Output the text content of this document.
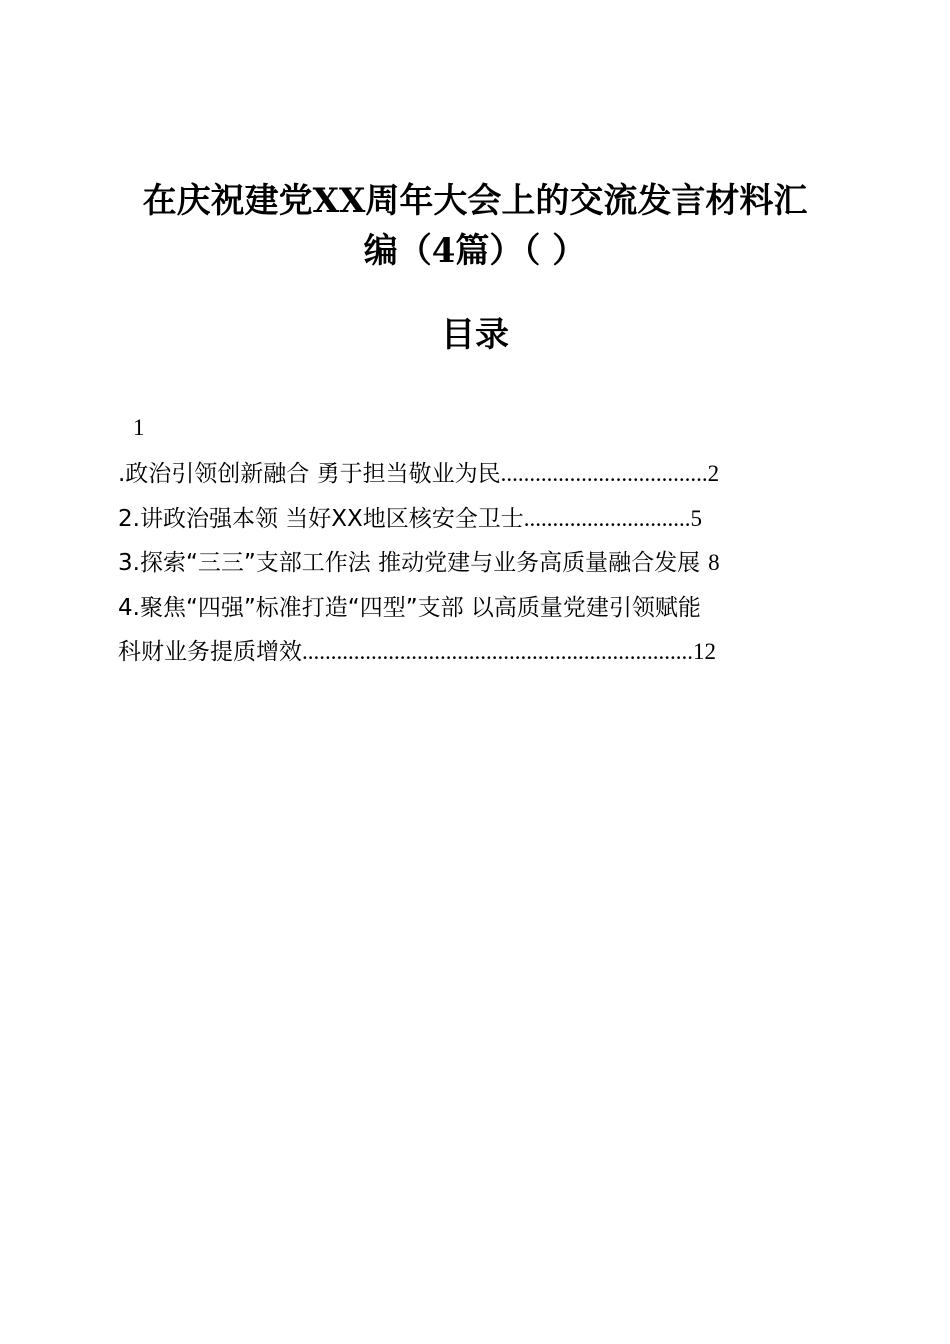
在庆祝建党XX周年大会上的交流发言材料汇
编（4篇）（ ）
目录
1
.政治引领创新融合 勇于担当敬业为民 .................................... 2
2.讲政治强本领 当好XX地区核安全卫士 ............................. 5
3.探索“三三”支部工作法 推动党建与业务高质量融合发展 8
4.聚焦“四强”标准打造“四型”支部 以高质量党建引领赋能
科财业务提质增效 .................................................................... 12
